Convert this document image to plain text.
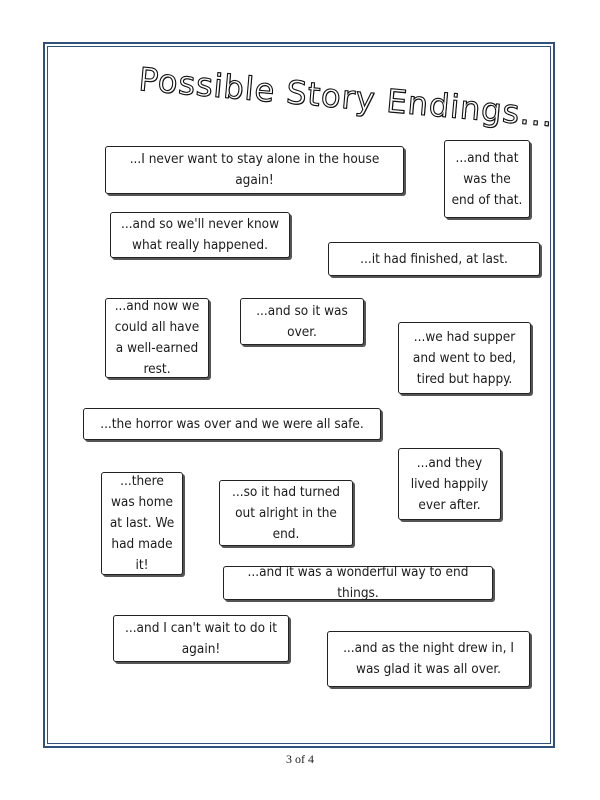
Possible Story Endings...
...I never want to stay alone in the house again!
...and that was the end of that.
...and so we'll never know what really happened.
...it had finished, at last.
...and now we could all have a well-earned rest.
...and so it was over.	...we had supper and went to bed, tired but happy.
...the horror was over and we were all safe.
...there was home at last. We had made it!
...so it had turned out alright in the end.
...and they lived happily ever after.
...and it was a wonderful way to end things.
...and I can't wait to do it again!	...and as the night drew in, I was glad it was all over.
3 of 4
